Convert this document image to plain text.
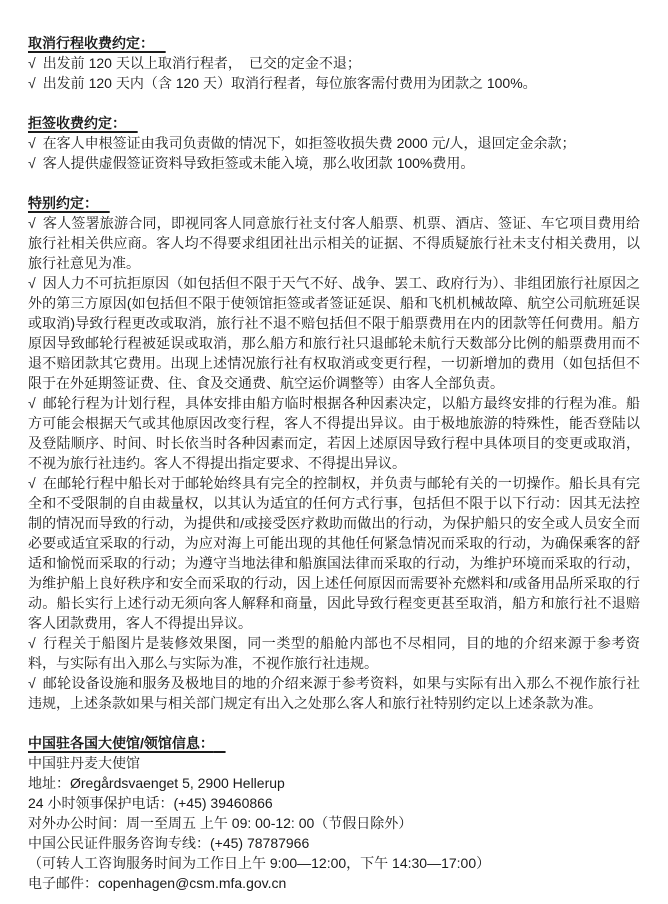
取消行程收费约定：

√ 出发前 120 天以上取消行程者，　已交的定金不退；

√ 出发前 120 天内（含 120 天）取消行程者，每位旅客需付费用为团款之 100%。

拒签收费约定：

√ 在客人申根签证由我司负责做的情况下，如拒签收损失费 2000 元/人，退回定金余款；

√ 客人提供虚假签证资料导致拒签或未能入境，那么收团款 100%费用。

特别约定：

√ 客人签署旅游合同，即视同客人同意旅行社支付客人船票、机票、酒店、签证、车它项目费用给旅行社相关供应商。客人均不得要求组团社出示相关的证据、不得质疑旅行社未支付相关费用，以旅行社意见为准。

√ 因人力不可抗拒原因（如包括但不限于天气不好、战争、罢工、政府行为）、非组团旅行社原因之外的第三方原因(如包括但不限于使领馆拒签或者签证延误、船和飞机机械故障、航空公司航班延误或取消)导致行程更改或取消，旅行社不退不赔包括但不限于船票费用在内的团款等任何费用。船方原因导致邮轮行程被延误或取消，那么船方和旅行社只退邮轮未航行天数部分比例的船票费用而不退不赔团款其它费用。出现上述情况旅行社有权取消或变更行程，一切新增加的费用（如包括但不限于在外延期签证费、住、食及交通费、航空运价调整等）由客人全部负责。

√ 邮轮行程为计划行程，具体安排由船方临时根据各种因素决定，以船方最终安排的行程为准。船方可能会根据天气或其他原因改变行程，客人不得提出异议。由于极地旅游的特殊性，能否登陆以及登陆顺序、时间、时长依当时各种因素而定，若因上述原因导致行程中具体项目的变更或取消，不视为旅行社违约。客人不得提出指定要求、不得提出异议。

√ 在邮轮行程中船长对于邮轮始终具有完全的控制权，并负责与邮轮有关的一切操作。船长具有完全和不受限制的自由裁量权，以其认为适宜的任何方式行事，包括但不限于以下行动：因其无法控制的情况而导致的行动，为提供和/或接受医疗救助而做出的行动，为保护船只的安全或人员安全而必要或适宜采取的行动，为应对海上可能出现的其他任何紧急情况而采取的行动，为确保乘客的舒适和愉悦而采取的行动；为遵守当地法律和船旗国法律而采取的行动，为维护环境而采取的行动，为维护船上良好秩序和安全而采取的行动，因上述任何原因而需要补充燃料和/或备用品所采取的行动。船长实行上述行动无须向客人解释和商量，因此导致行程变更甚至取消，船方和旅行社不退赔客人团款费用，客人不得提出异议。

√ 行程关于船图片是装修效果图，同一类型的船舱内部也不尽相同，目的地的介绍来源于参考资料，与实际有出入那么与实际为准，不视作旅行社违规。

√ 邮轮设备设施和服务及极地目的地的介绍来源于参考资料，如果与实际有出入那么不视作旅行社违规，上述条款如果与相关部门规定有出入之处那么客人和旅行社特别约定以上述条款为准。

中国驻各国大使馆/领馆信息：

中国驻丹麦大使馆

地址：Øregårdsvaenget 5, 2900 Hellerup

24 小时领事保护电话：(+45) 39460866

对外办公时间：周一至周五 上午 09: 00-12: 00（节假日除外）

中国公民证件服务咨询专线：(+45) 78787966

（可转人工咨询服务时间为工作日上午 9:00—12:00，下午 14:30—17:00）

电子邮件：copenhagen@csm.mfa.gov.cn
